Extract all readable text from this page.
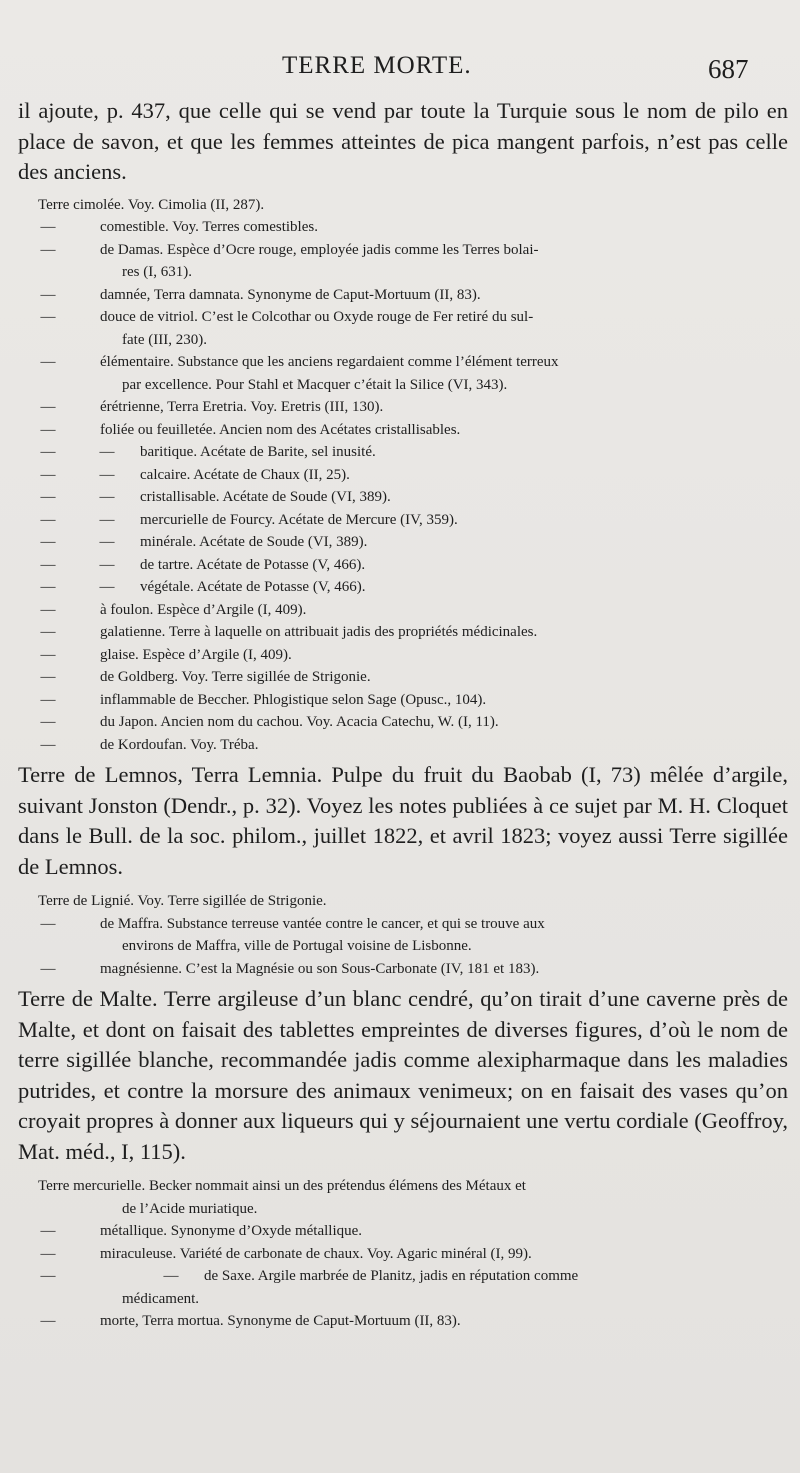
TERRE MORTE.	687

il ajoute, p. 437, que celle qui se vend par toute la Turquie sous le nom de pilo en place de savon, et que les femmes atteintes de pica mangent parfois, n’est pas celle des anciens.

Terre cimolée. Voy. Cimolia (II, 287).
—	comestible. Voy. Terres comestibles.
—	de Damas. Espèce d’Ocre rouge, employée jadis comme les Terres bolai-
res (I, 631).
—	damnée, Terra damnata. Synonyme de Caput-Mortuum (II, 83).
—	douce de vitriol. C’est le Colcothar ou Oxyde rouge de Fer retiré du sul-
fate (III, 230).
—	élémentaire. Substance que les anciens regardaient comme l’élément terreux
par excellence. Pour Stahl et Macquer c’était la Silice (VI, 343).
—	érétrienne, Terra Eretria. Voy. Eretris (III, 130).
—	foliée ou feuilletée. Ancien nom des Acétates cristallisables.
—	—	baritique. Acétate de Barite, sel inusité.
—	—	calcaire. Acétate de Chaux (II, 25).
—	—	cristallisable. Acétate de Soude (VI, 389).
—	—	mercurielle de Fourcy. Acétate de Mercure (IV, 359).
—	—	minérale. Acétate de Soude (VI, 389).
—	—	de tartre. Acétate de Potasse (V, 466).
—	—	végétale. Acétate de Potasse (V, 466).
—	à foulon. Espèce d’Argile (I, 409).
—	galatienne. Terre à laquelle on attribuait jadis des propriétés médicinales.
—	glaise. Espèce d’Argile (I, 409).
—	de Goldberg. Voy. Terre sigillée de Strigonie.
—	inflammable de Beccher. Phlogistique selon Sage (Opusc., 104).
—	du Japon. Ancien nom du cachou. Voy. Acacia Catechu, W. (I, 11).
—	de Kordoufan. Voy. Tréba.

Terre de Lemnos, Terra Lemnia. Pulpe du fruit du Baobab (I, 73) mêlée d’argile, suivant Jonston (Dendr., p. 32). Voyez les notes publiées à ce sujet par M. H. Cloquet dans le Bull. de la soc. philom., juillet 1822, et avril 1823; voyez aussi Terre sigillée de Lemnos.

Terre de Lignié. Voy. Terre sigillée de Strigonie.
—	de Maffra. Substance terreuse vantée contre le cancer, et qui se trouve aux
environs de Maffra, ville de Portugal voisine de Lisbonne.
—	magnésienne. C’est la Magnésie ou son Sous-Carbonate (IV, 181 et 183).

Terre de Malte. Terre argileuse d’un blanc cendré, qu’on tirait d’une caverne près de Malte, et dont on faisait des tablettes empreintes de diverses figures, d’où le nom de terre sigillée blanche, recommandée jadis comme alexipharmaque dans les maladies putrides, et contre la morsure des animaux venimeux; on en faisait des vases qu’on croyait propres à donner aux liqueurs qui y séjournaient une vertu cordiale (Geoffroy, Mat. méd., I, 115).

Terre mercurielle. Becker nommait ainsi un des prétendus élémens des Métaux et
de l’Acide muriatique.
—	métallique. Synonyme d’Oxyde métallique.
—	miraculeuse. Variété de carbonate de chaux. Voy. Agaric minéral (I, 99).
—	—	de Saxe. Argile marbrée de Planitz, jadis en réputation comme
médicament.
—	morte, Terra mortua. Synonyme de Caput-Mortuum (II, 83).
